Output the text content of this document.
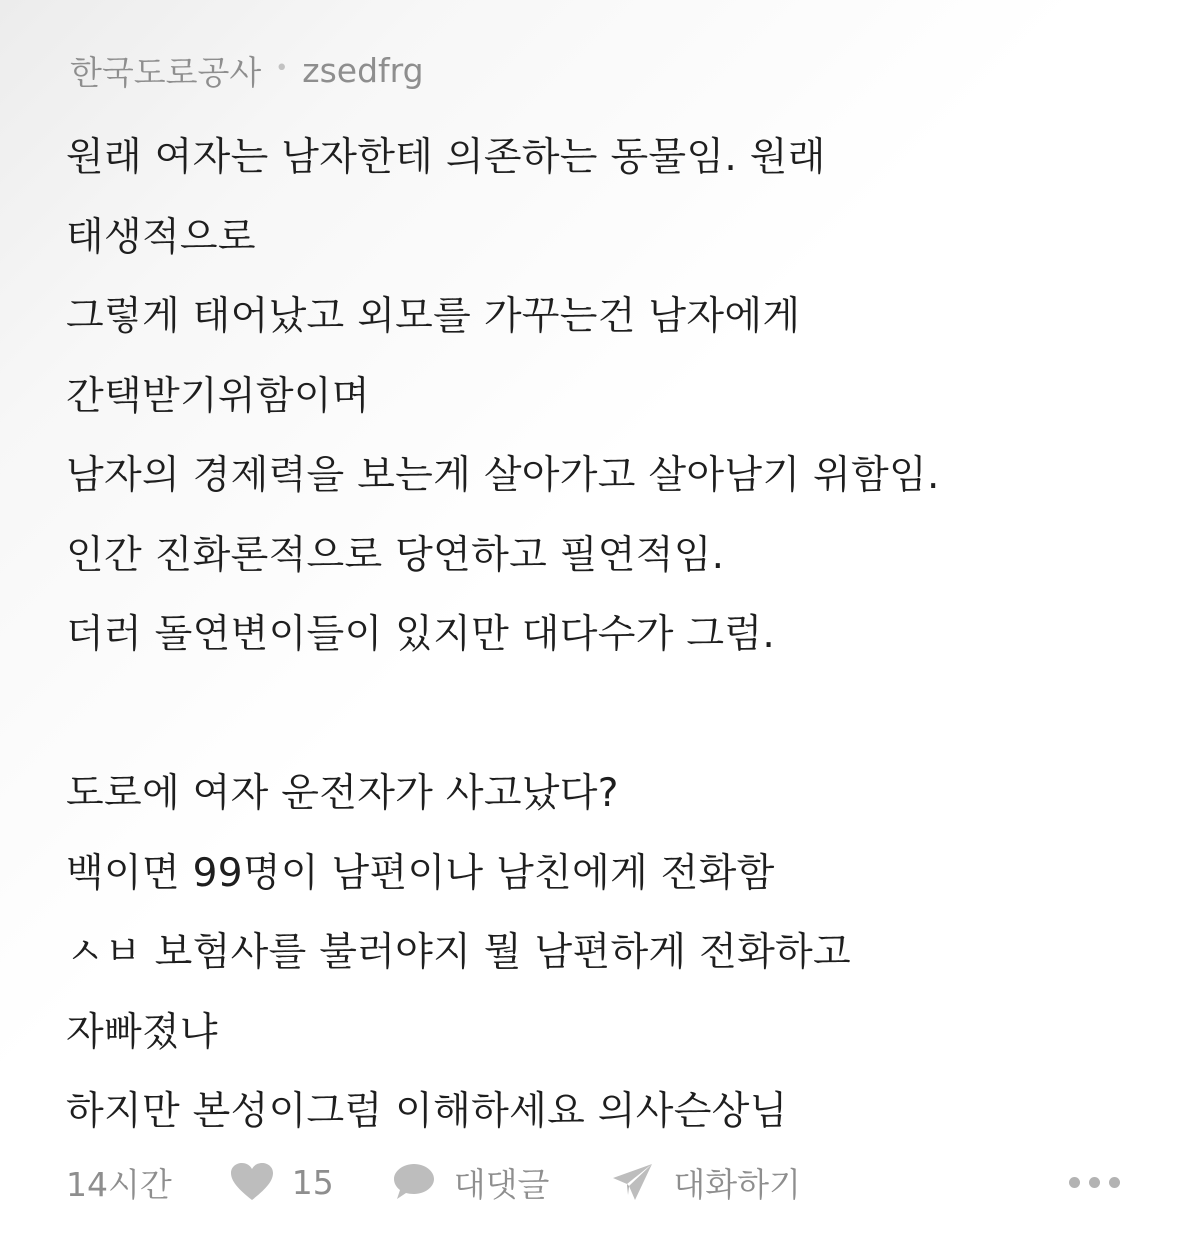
한국도로공사 • zsedfrg
원래 여자는 남자한테 의존하는 동물임. 원래
태생적으로
그렇게 태어났고 외모를 가꾸는건 남자에게
간택받기위함이며
남자의 경제력을 보는게 살아가고 살아남기 위함임.
인간 진화론적으로 당연하고 필연적임.
더러 돌연변이들이 있지만 대다수가 그럼.
도로에 여자 운전자가 사고났다?
백이면 99명이 남편이나 남친에게 전화함
ㅅㅂ 보험사를 불러야지 뭘 남편하게 전화하고
자빠졌냐
하지만 본성이그럼 이해하세요 의사슨상님
14시간	15	대댓글	대화하기
